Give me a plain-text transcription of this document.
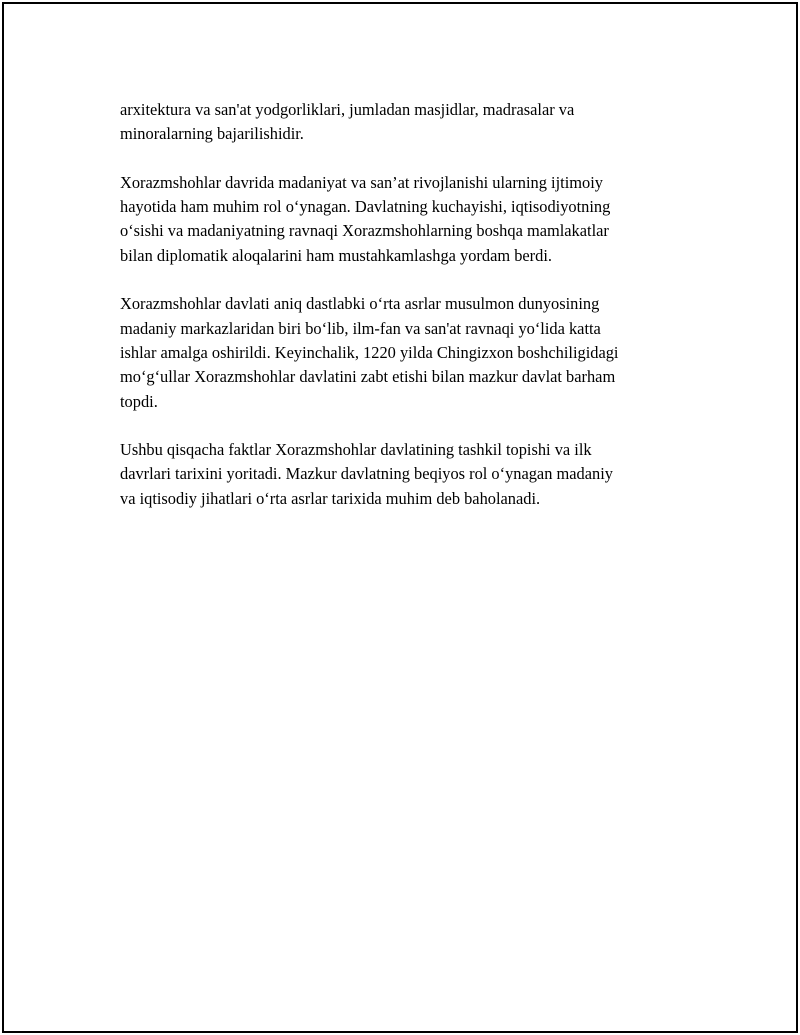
arxitektura va san'at yodgorliklari, jumladan masjidlar, madrasalar va
minoralarning bajarilishidir.

Xorazmshohlar davrida madaniyat va san’at rivojlanishi ularning ijtimoiy
hayotida ham muhim rol o‘ynagan. Davlatning kuchayishi, iqtisodiyotning
o‘sishi va madaniyatning ravnaqi Xorazmshohlarning boshqa mamlakatlar
bilan diplomatik aloqalarini ham mustahkamlashga yordam berdi.

Xorazmshohlar davlati aniq dastlabki o‘rta asrlar musulmon dunyosining
madaniy markazlaridan biri bo‘lib, ilm-fan va san'at ravnaqi yo‘lida katta
ishlar amalga oshirildi. Keyinchalik, 1220 yilda Chingizxon boshchiligidagi
mo‘g‘ullar Xorazmshohlar davlatini zabt etishi bilan mazkur davlat barham
topdi.

Ushbu qisqacha faktlar Xorazmshohlar davlatining tashkil topishi va ilk
davrlari tarixini yoritadi. Mazkur davlatning beqiyos rol o‘ynagan madaniy
va iqtisodiy jihatlari o‘rta asrlar tarixida muhim deb baholanadi.
